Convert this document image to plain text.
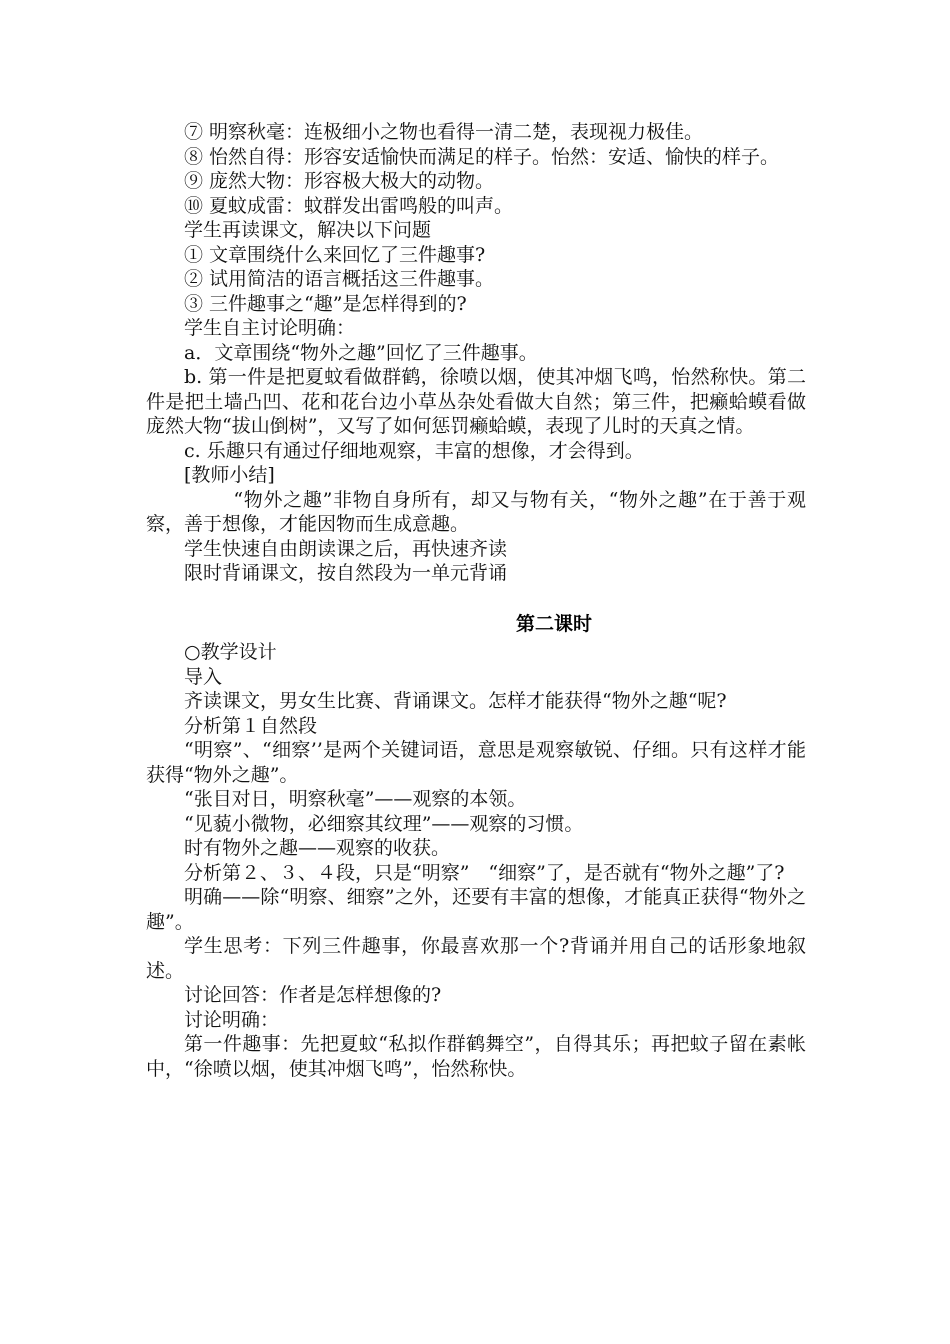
⑦ 明察秋毫：连极细小之物也看得一清二楚，表现视力极佳。

⑧ 怡然自得：形容安适愉快而满足的样子。怡然：安适、愉快的样子。

⑨ 庞然大物：形容极大极大的动物。

⑩ 夏蚊成雷：蚊群发出雷鸣般的叫声。

学生再读课文，解决以下问题

① 文章围绕什么来回忆了三件趣事?

② 试用简洁的语言概括这三件趣事。

③ 三件趣事之“趣”是怎样得到的?

学生自主讨论明确：

a．文章围绕“物外之趣”回忆了三件趣事。

b. 第一件是把夏蚊看做群鹤，徐喷以烟，使其冲烟飞鸣，怡然称快。第二件是把土墙凸凹、花和花台边小草丛杂处看做大自然；第三件，把癞蛤蟆看做庞然大物“拔山倒树”，又写了如何惩罚癞蛤蟆，表现了儿时的天真之情。

c. 乐趣只有通过仔细地观察，丰富的想像，才会得到。

[教师小结]

“物外之趣”非物自身所有，却又与物有关，“物外之趣”在于善于观察，善于想像，才能因物而生成意趣。

学生快速自由朗读课之后，再快速齐读

限时背诵课文，按自然段为一单元背诵

第二课时

○教学设计

导入

齐读课文，男女生比赛、背诵课文。怎样才能获得“物外之趣“呢?

分析第１自然段

“明察”、“细察’’是两个关键词语，意思是观察敏锐、仔细。只有这样才能获得“物外之趣”。

“张目对日，明察秋毫”——观察的本领。

“见藐小微物，必细察其纹理”——观察的习惯。

时有物外之趣——观察的收获。

分析第２、３、４段，只是“明察”　“细察”了，是否就有“物外之趣”了?

明确——除“明察、细察”之外，还要有丰富的想像，才能真正获得“物外之趣”。

学生思考：下列三件趣事，你最喜欢那一个?背诵并用自己的话形象地叙述。

讨论回答：作者是怎样想像的?

讨论明确：

第一件趣事：先把夏蚊“私拟作群鹤舞空”，自得其乐；再把蚊子留在素帐中，“徐喷以烟，使其冲烟飞鸣”，怡然称快。
